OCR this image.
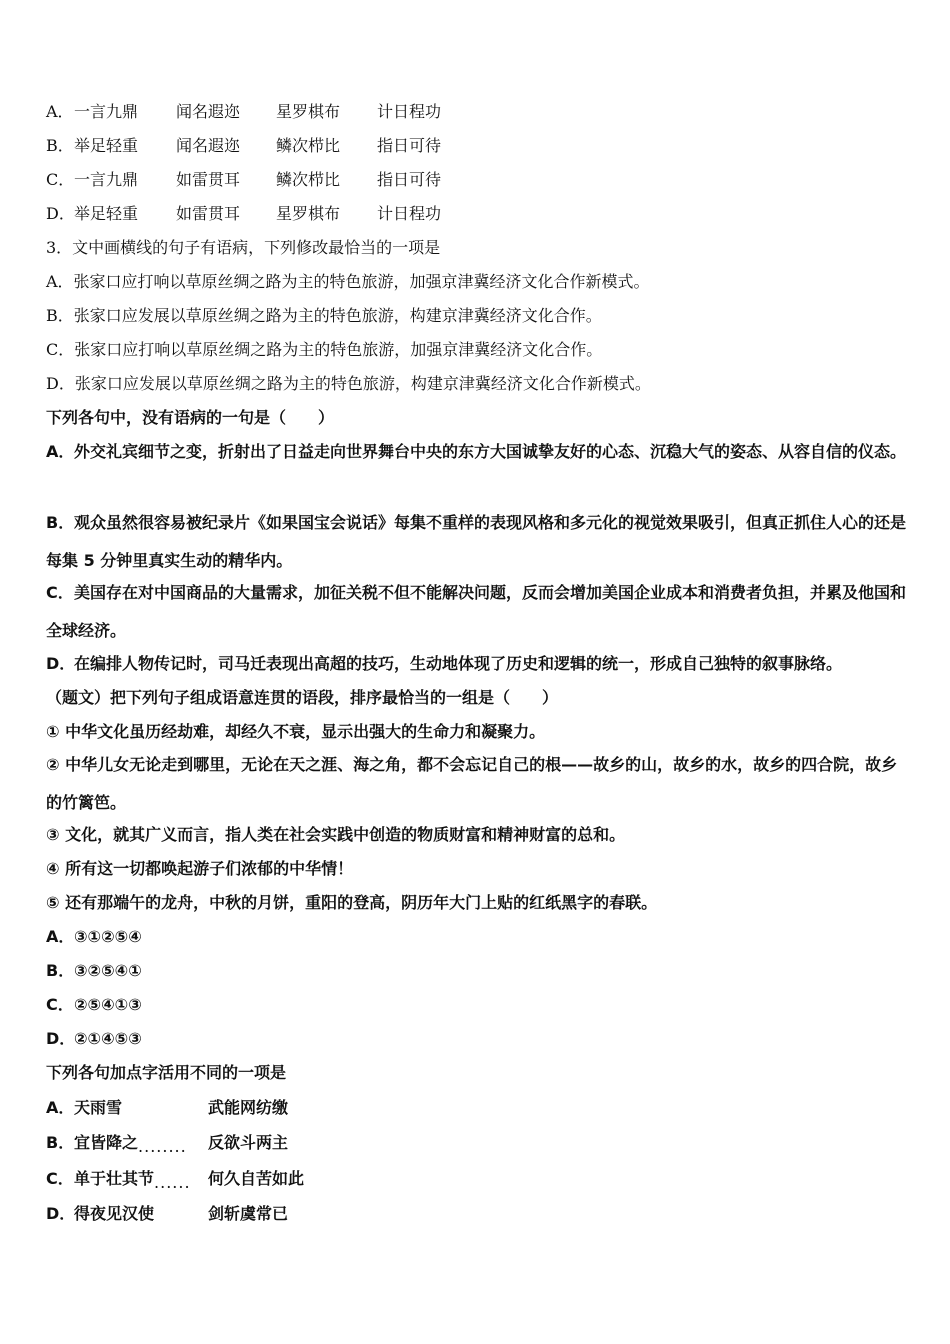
A． 一言九鼎 闻名遐迩 星罗棋布 计日程功
B． 举足轻重 闻名遐迩 鳞次栉比 指日可待
C． 一言九鼎 如雷贯耳 鳞次栉比 指日可待
D． 举足轻重 如雷贯耳 星罗棋布 计日程功
3．文中画横线的句子有语病，下列修改最恰当的一项是
A．张家口应打响以草原丝绸之路为主的特色旅游，加强京津冀经济文化合作新模式。
B．张家口应发展以草原丝绸之路为主的特色旅游，构建京津冀经济文化合作。
C．张家口应打响以草原丝绸之路为主的特色旅游，加强京津冀经济文化合作。
D．张家口应发展以草原丝绸之路为主的特色旅游，构建京津冀经济文化合作新模式。
下列各句中，没有语病的一句是（　　）
A．外交礼宾细节之变，折射出了日益走向世界舞台中央的东方大国诚挚友好的心态、沉稳大气的姿态、从容自信的仪态。
B．观众虽然很容易被纪录片《如果国宝会说话》每集不重样的表现风格和多元化的视觉效果吸引，但真正抓住人心的还是每集 5 分钟里真实生动的精华内。
C．美国存在对中国商品的大量需求，加征关税不但不能解决问题，反而会增加美国企业成本和消费者负担，并累及他国和全球经济。
D．在编排人物传记时，司马迁表现出高超的技巧，生动地体现了历史和逻辑的统一，形成自己独特的叙事脉络。
（题文）把下列句子组成语意连贯的语段，排序最恰当的一组是（　　）
① 中华文化虽历经劫难，却经久不衰，显示出强大的生命力和凝聚力。
② 中华儿女无论走到哪里，无论在天之涯、海之角，都不会忘记自己的根——故乡的山，故乡的水，故乡的四合院，故乡的竹篱笆。
③ 文化，就其广义而言，指人类在社会实践中创造的物质财富和精神财富的总和。
④ 所有这一切都唤起游子们浓郁的中华情！
⑤ 还有那端午的龙舟，中秋的月饼，重阳的登高，阴历年大门上贴的红纸黑字的春联。
A．③①②⑤④
B．③②⑤④①
C．②⑤④①③
D．②①④⑤③
下列各句加点字活用不同的一项是
A．天雨雪	武能网纺缴
B．宜皆降之........ 反欲斗两主
C．单于壮其节...... 何久自苦如此
D．得夜见汉使	剑斩虞常已
